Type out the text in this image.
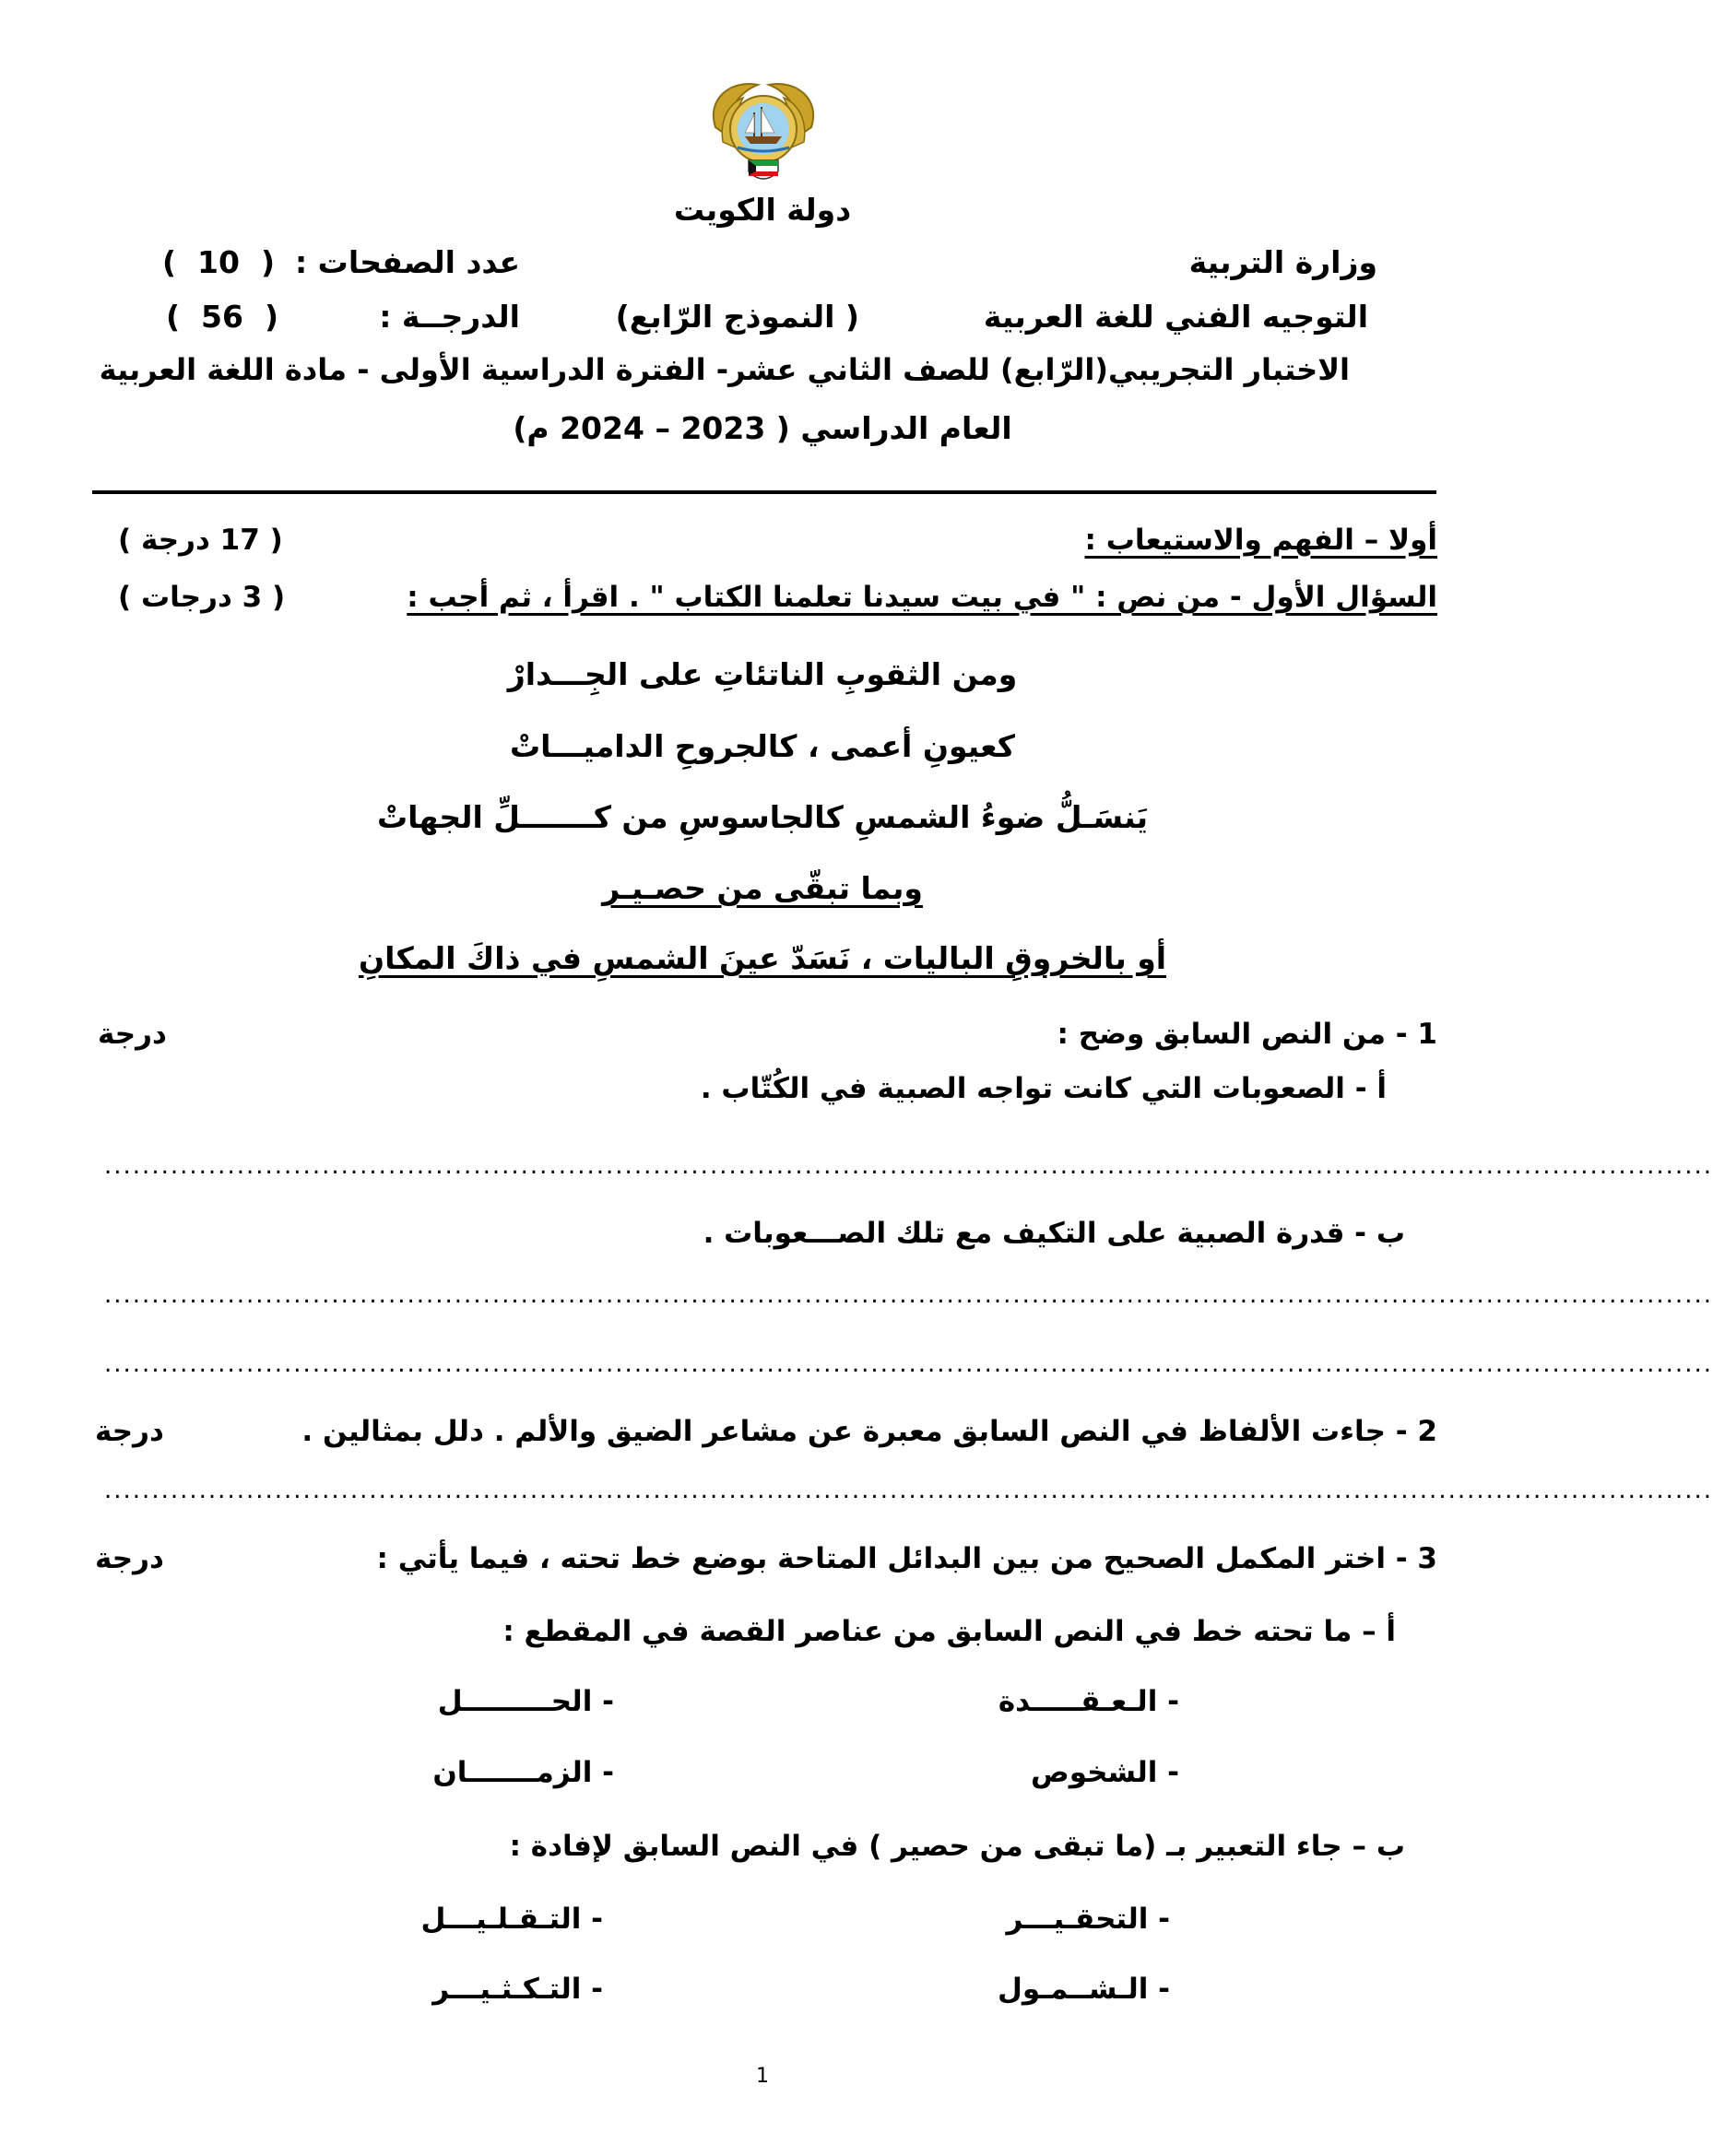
دولة الكويت
وزارة التربية
عدد الصفحات :
(  10  )
التوجيه الفني للغة العربية
( النموذج الرّابع)
الدرجــة :
(  56  )
الاختبار التجريبي(الرّابع) للصف الثاني عشر- الفترة الدراسية الأولى - مادة اللغة العربية
العام الدراسي ( 2023 – 2024 م)
أولا – الفهم والاستيعاب :
( 17 درجة )
السؤال الأول - من نص : " في بيت سيدنا تعلمنا الكتاب " . اقرأ ، ثم أجب :
( 3 درجات )
ومن الثقوبِ الناتئاتِ على الجِـــدارْ
كعيونِ أعمى ، كالجروحِ الداميـــاتْ
يَنسَـلُّ ضوءُ الشمسِ كالجاسوسِ من كـــــــلِّ الجهاتْ
وبما تبقّى من حصـيـر
أو بالخروقِ الباليات ، نَسَدّ عينَ الشمسِ في ذاكَ المكانِ
1 - من النص السابق وضح :
درجة
أ - الصعوبات التي كانت تواجه الصبية في الكُتّاب .
..........................................................................................................................................................................
ب - قدرة الصبية على التكيف مع تلك الصـــعوبات .
..........................................................................................................................................................................
..........................................................................................................................................................................
2 - جاءت الألفاظ في النص السابق معبرة عن مشاعر الضيق والألم . دلل بمثالين .
درجة
..........................................................................................................................................................................
3 - اختر المكمل الصحيح من بين البدائل المتاحة بوضع خط تحته ، فيما يأتي :
درجة
أ – ما تحته خط في النص السابق من عناصر القصة في المقطع :
- الـعـقـــــدة
- الحـــــــــل
- الشخوص
- الزمـــــــان
ب – جاء التعبير بـ (ما تبقى من حصير ) في النص السابق لإفادة :
- التحقـيـــر
- التـقـلـيـــل
- الـشــمـول
- التـكـثـيـــر
1
